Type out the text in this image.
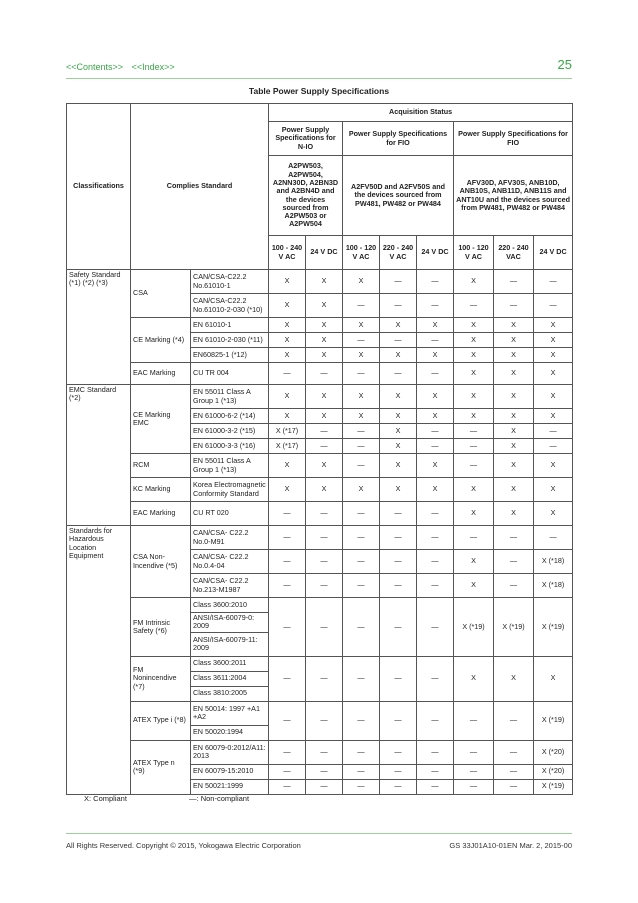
<<Contents>> <<Index>>	25
Table Power Supply Specifications
Classifications	Complies Standard		Acquisition Status							
			Power Supply Specifications for N-IO		Power Supply Specifications for FIO			Power Supply Specifications for FIO		
			A2PW503, A2PW504, A2NN30D, A2BN3D and A2BN4D and the devices sourced from A2PW503 or A2PW504		A2FV50D and A2FV50S and the devices sourced from PW481, PW482 or PW484			AFV30D, AFV30S, ANB10D, ANB10S, ANB11D, ANB11S and ANT10U and the devices sourced from PW481, PW482 or PW484		
			100 - 240 V AC	24 V DC	100 - 120 V AC	220 - 240 V AC	24 V DC	100 - 120 V AC	220 - 240 VAC	24 V DC
Safety Standard (*1) (*2) (*3)	CSA	CAN/CSA-C22.2 No.61010-1	X	X	X	—	—	X	—	—
		CAN/CSA-C22.2 No.61010-2-030 (*10)	X	X	—	—	—	—	—	—
	CE Marking (*4)	EN 61010-1	X	X	X	X	X	X	X	X
		EN 61010-2-030 (*11)	X	X	—	—	—	X	X	X
		EN60825-1 (*12)	X	X	X	X	X	X	X	X
	EAC Marking	CU TR 004	—	—	—	—	—	X	X	X

EMC Standard (*2)	CE Marking EMC	EN 55011 Class A Group 1 (*13)	X	X	X	X	X	X	X	X
		EN 61000-6-2 (*14)	X	X	X	X	X	X	X	X
		EN 61000-3-2 (*15)	X (*17)	—	—	X	—	—	X	—
		EN 61000-3-3 (*16)	X (*17)	—	—	X	—	—	X	—
	RCM	EN 55011 Class A Group 1 (*13)	X	X	—	X	X	—	X	X
	KC Marking	Korea Electromagnetic Conformity Standard	X	X	X	X	X	X	X	X
	EAC Marking	CU RT 020	—	—	—	—	—	X	X	X
Standards for Hazardous Location Equipment	CSA Non-Incendive (*5)	CAN/CSA- C22.2 No.0-M91	—	—	—	—	—	—	—	—
		CAN/CSA- C22.2 No.0.4-04	—	—	—	—	—	X	—	X (*18)
		CAN/CSA- C22.2 No.213-M1987	—	—	—	—	—	X	—	X (*18)
	FM Intrinsic Safety (*6)	Class 3600:2010	—	—	—	—	—	X (*19)	X (*19)	X (*19)
		ANSI/ISA-60079-0: 2009								
		ANSI/ISA-60079-11: 2009								
	FM Nonincendive (*7)	Class 3600:2011	—	—	—	—	—	X	X	X
		Class 3611:2004								
		Class 3810:2005								
	ATEX Type i (*8)	EN 50014: 1997 +A1 +A2	—	—	—	—	—	—	—	X (*19)
		EN 50020:1994								
	ATEX Type n (*9)	EN 60079-0:2012/A11: 2013	—	—	—	—	—	—	—	X (*20)
		EN 60079-15:2010	—	—	—	—	—	—	—	X (*20)
		EN 50021:1999	—	—	—	—	—	—	—	X (*19)
X: Compliant	—: Non-compliant
All Rights Reserved. Copyright © 2015, Yokogawa Electric Corporation	GS 33J01A10-01EN Mar. 2, 2015-00
